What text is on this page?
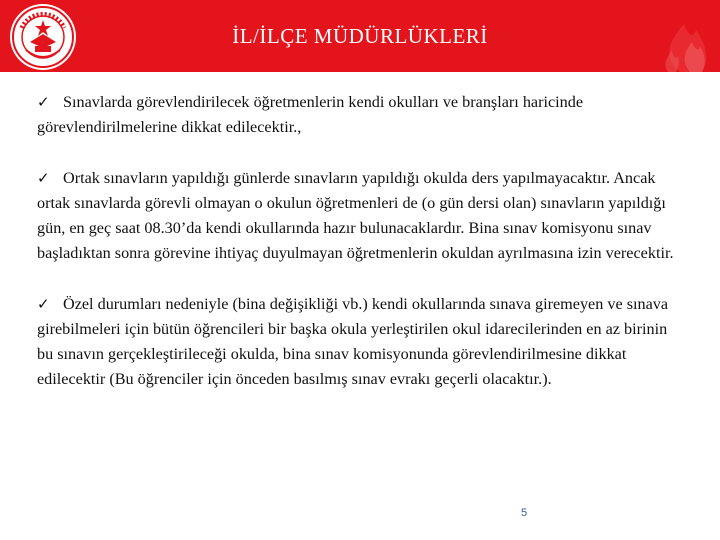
İL/İLÇE MÜDÜRLÜKLERİ

✓ Sınavlarda görevlendirilecek öğretmenlerin kendi okulları ve branşları haricinde görevlendirilmelerine dikkat edilecektir.,

✓ Ortak sınavların yapıldığı günlerde sınavların yapıldığı okulda ders yapılmayacaktır. Ancak ortak sınavlarda görevli olmayan o okulun öğretmenleri de (o gün dersi olan) sınavların yapıldığı gün, en geç saat 08.30’da kendi okullarında hazır bulunacaklardır. Bina sınav komisyonu sınav başladıktan sonra görevine ihtiyaç duyulmayan öğretmenlerin okuldan ayrılmasına izin verecektir.

✓ Özel durumları nedeniyle (bina değişikliği vb.) kendi okullarında sınava giremeyen ve sınava girebilmeleri için bütün öğrencileri bir başka okula yerleştirilen okul idarecilerinden en az birinin bu sınavın gerçekleştirileceği okulda, bina sınav komisyonunda görevlendirilmesine dikkat edilecektir (Bu öğrenciler için önceden basılmış sınav evrakı geçerli olacaktır.).

5
